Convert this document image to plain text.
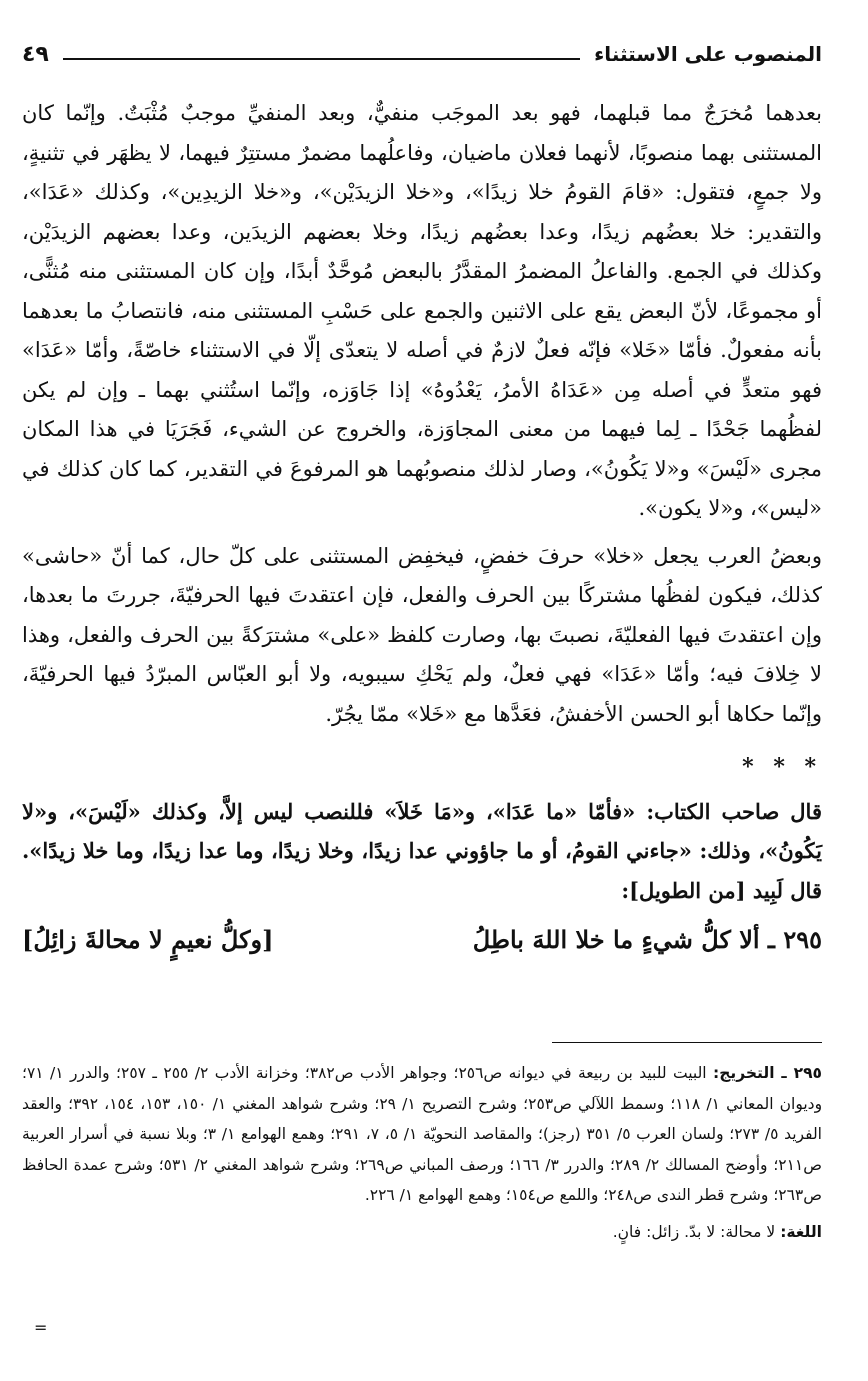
المنصوب على الاستثناء
٤٩

بعدهما مُخرَجٌ مما قبلهما، فهو بعد الموجَب منفيٌّ، وبعد المنفيِّ موجبٌ مُثْبَتٌ. وإنّما كان المستثنى بهما منصوبًا، لأنهما فعلان ماضيان، وفاعلُهما مضمرٌ مستتِرٌ فيهما، لا يظهَر في تثنيةٍ، ولا جمعٍ، فتقول: «قامَ القومُ خلا زيدًا»، و«خلا الزيدَيْن»، و«خلا الزيدِين»، وكذلك «عَدَا»، والتقدير: خلا بعضُهم زيدًا، وعدا بعضُهم زيدًا، وخلا بعضهم الزيدَين، وعدا بعضهم الزيدَيْن، وكذلك في الجمع. والفاعلُ المضمرُ المقدَّرُ بالبعض مُوحَّدٌ أبدًا، وإن كان المستثنى منه مُثنًّى، أو مجموعًا، لأنّ البعض يقع على الاثنين والجمع على حَسْبِ المستثنى منه، فانتصابُ ما بعدهما بأنه مفعولٌ. فأمّا «خَلا» فإنّه فعلٌ لازمٌ في أصله لا يتعدّى إلّا في الاستثناء خاصّةً، وأمّا «عَدَا» فهو متعدٍّ في أصله مِن «عَدَاهُ الأمرُ، يَعْدُوهُ» إذا جَاوَزه، وإنّما استُثني بهما ـ وإن لم يكن لفظُهما جَحْدًا ـ لِما فيهما من معنى المجاوَزة، والخروج عن الشيء، فَجَرَيَا في هذا المكان مجرى «لَيْسَ» و«لا يَكُونُ»، وصار لذلك منصوبُهما هو المرفوعَ في التقدير، كما كان كذلك في «ليس»، و«لا يكون».

وبعضُ العرب يجعل «خلا» حرفَ خفضٍ، فيخفِض المستثنى على كلّ حال، كما أنّ «حاشى» كذلك، فيكون لفظُها مشتركًا بين الحرف والفعل، فإن اعتقدتَ فيها الحرفيّةَ، جررتَ ما بعدها، وإن اعتقدتَ فيها الفعليّةَ، نصبتَ بها، وصارت كلفظ «على» مشترَكةً بين الحرف والفعل، وهذا لا خِلافَ فيه؛ وأمّا «عَدَا» فهي فعلٌ، ولم يَحْكِ سيبويه، ولا أبو العبّاس المبرّدُ فيها الحرفيّةَ، وإنّما حكاها أبو الحسن الأخفشُ، فعَدَّها مع «خَلا» ممّا يجُرّ.

* * *

قال صاحب الكتاب: «فأمّا «ما عَدَا»، و«مَا خَلاَ» فللنصب ليس إلاَّ، وكذلك «لَيْسَ»، و«لا يَكُونُ»، وذلك: «جاءني القومُ، أو ما جاؤوني عدا زيدًا، وخلا زيدًا، وما عدا زيدًا، وما خلا زيدًا». قال لَبِيد [من الطويل]:

٢٩٥ ـ ألا كلُّ شيءٍ ما خلا اللهَ باطِلُ
[وكلُّ نعيمٍ لا محالةَ زائِلُ]
٢٩٥ ـ التخريج: البيت للبيد بن ربيعة في ديوانه ص٢٥٦؛ وجواهر الأدب ص٣٨٢؛ وخزانة الأدب ٢/ ٢٥٥ ـ ٢٥٧؛ والدرر ١/ ٧١؛ وديوان المعاني ١/ ١١٨؛ وسمط اللآلي ص٢٥٣؛ وشرح التصريح ١/ ٢٩؛ وشرح شواهد المغني ١/ ١٥٠، ١٥٣، ١٥٤، ٣٩٢؛ والعقد الفريد ٥/ ٢٧٣؛ ولسان العرب ٥/ ٣٥١ (رجز)؛ والمقاصد النحويّة ١/ ٥، ٧، ٢٩١؛ وهمع الهوامع ١/ ٣؛ وبلا نسبة في أسرار العربية ص٢١١؛ وأوضح المسالك ٢/ ٢٨٩؛ والدرر ٣/ ١٦٦؛ ورصف المباني ص٢٦٩؛ وشرح شواهد المغني ٢/ ٥٣١؛ وشرح عمدة الحافظ ص٢٦٣؛ وشرح قطر الندى ص٢٤٨؛ واللمع ص١٥٤؛ وهمع الهوامع ١/ ٢٢٦.
اللغة: لا محالة: لا بدّ. زائل: فانٍ.
=
